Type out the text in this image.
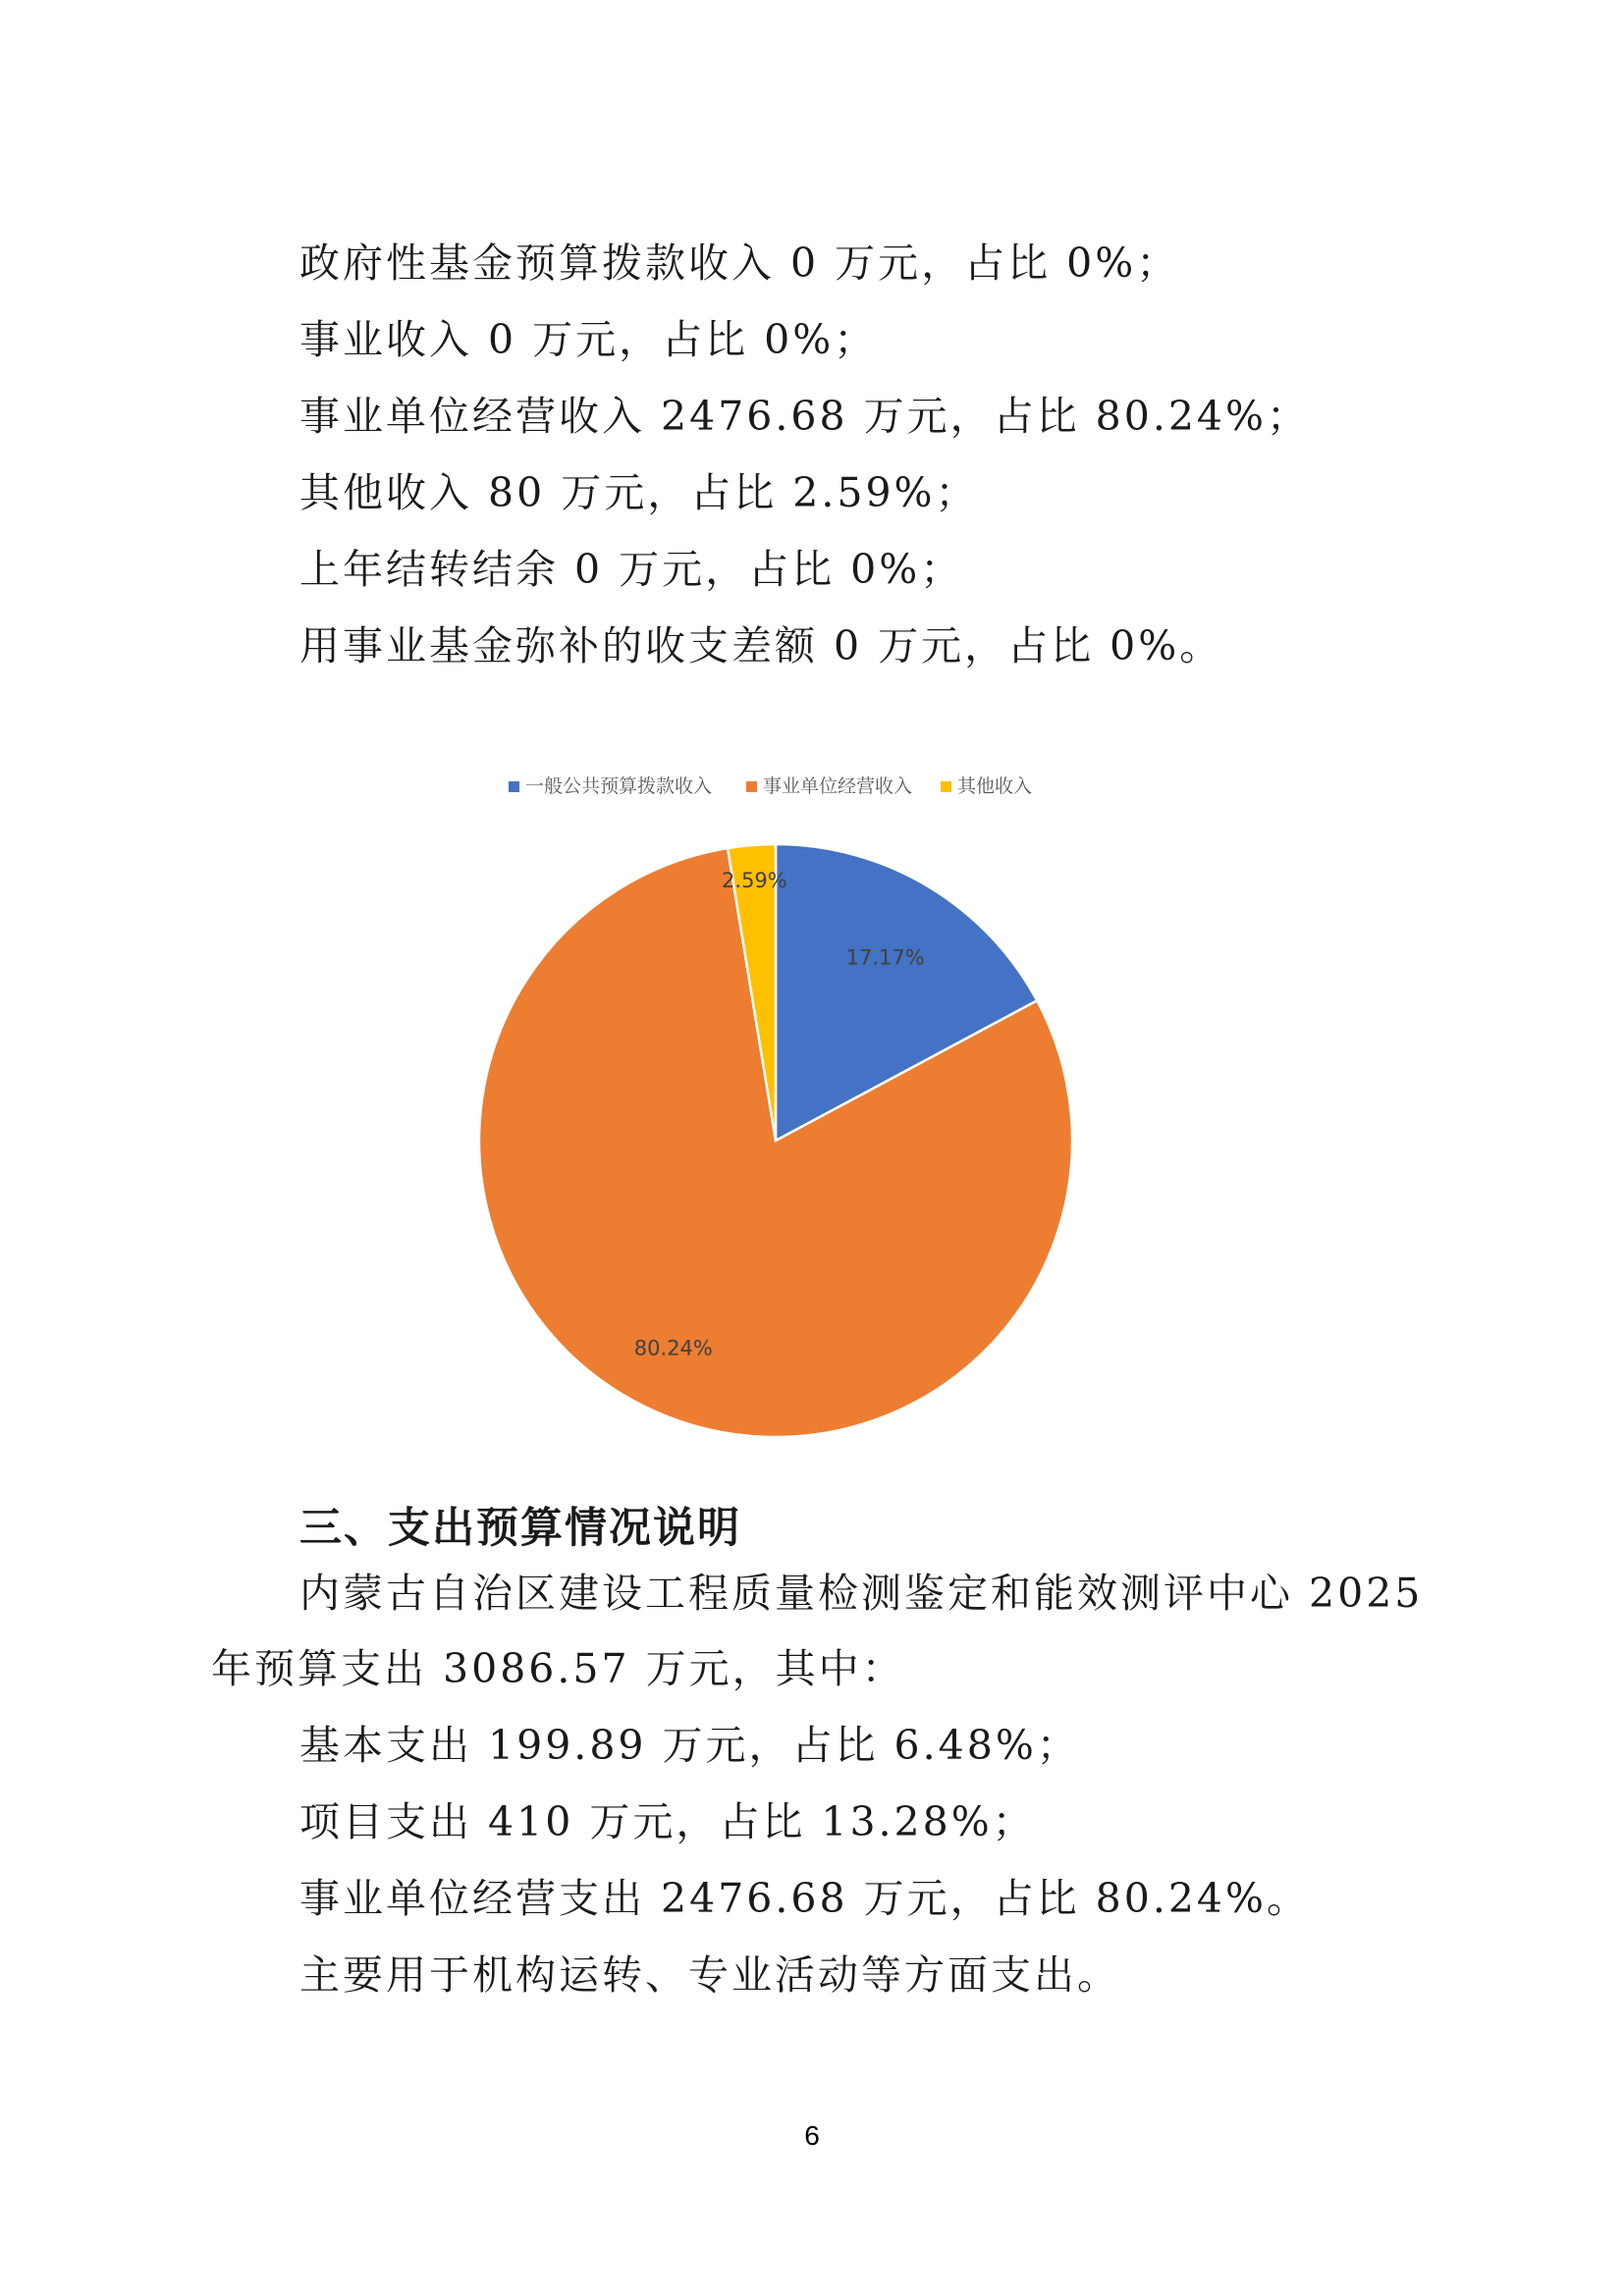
政府性基金预算拨款收入 0 万元，占比 0%；
事业收入 0 万元，占比 0%；
事业单位经营收入 2476.68 万元，占比 80.24%；
其他收入 80 万元，占比 2.59%；
上年结转结余 0 万元，占比 0%；
用事业基金弥补的收支差额 0 万元，占比 0%。
一般公共预算拨款收入	事业单位经营收入 其他收入
17.17%
80.24%
2.59%
三、支出预算情况说明
内蒙古自治区建设工程质量检测鉴定和能效测评中心 2025
年预算支出 3086.57 万元，其中：
基本支出 199.89 万元，占比 6.48%；
项目支出 410 万元，占比 13.28%；
事业单位经营支出 2476.68 万元，占比 80.24%。
主要用于机构运转、专业活动等方面支出。
6
